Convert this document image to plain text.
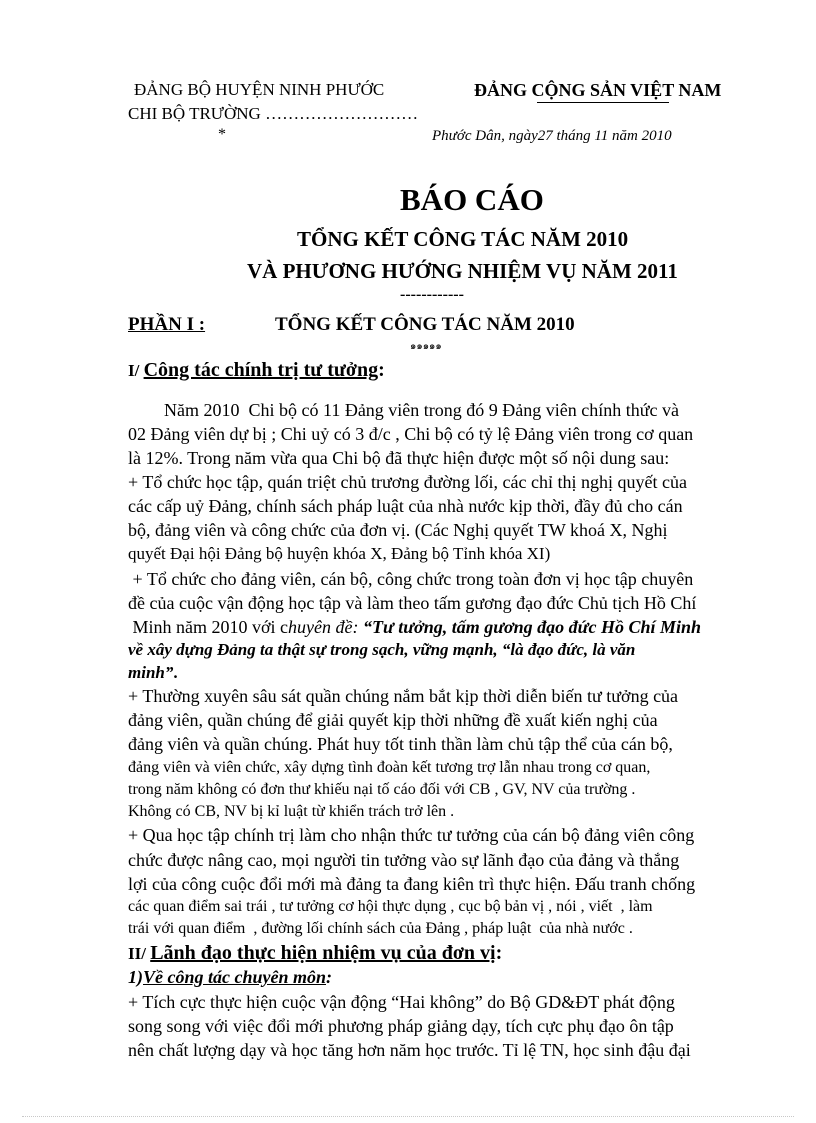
ĐẢNG BỘ HUYỆN NINH PHƯỚC	ĐẢNG CỘNG SẢN VIỆT NAM
CHI BỘ TRƯỜNG ………………………
*	Phước Dân, ngày27 tháng 11 năm 2010
BÁO CÁO
TỔNG KẾT CÔNG TÁC NĂM 2010
VÀ PHƯƠNG HƯỚNG NHIỆM VỤ NĂM 2011
------------
PHẦN I :	TỔNG KẾT CÔNG TÁC NĂM 2010
๑๑๑๑๑
I/ Công tác chính trị tư tưởng:
Năm 2010  Chi bộ có 11 Đảng viên trong đó 9 Đảng viên chính thức và
02 Đảng viên dự bị ; Chi uỷ có 3 đ/c , Chi bộ có tỷ lệ Đảng viên trong cơ quan
là 12%. Trong năm vừa qua Chi bộ đã thực hiện được một số nội dung sau:
+ Tổ chức học tập, quán triệt chủ trương đường lối, các chỉ thị nghị quyết của
các cấp uỷ Đảng, chính sách pháp luật của nhà nước kịp thời, đầy đủ cho cán
bộ, đảng viên và công chức của đơn vị. (Các Nghị quyết TW khoá X, Nghị
quyết Đại hội Đảng bộ huyện khóa X, Đảng bộ Tỉnh khóa XI)
+ Tổ chức cho đảng viên, cán bộ, công chức trong toàn đơn vị học tập chuyên
đề của cuộc vận động học tập và làm theo tấm gương đạo đức Chủ tịch Hồ Chí
Minh năm 2010 với chuyên đề: “Tư tưởng, tấm gương đạo đức Hồ Chí Minh
về xây dựng Đảng ta thật sự trong sạch, vững mạnh, “là đạo đức, là văn
minh”.
+ Thường xuyên sâu sát quần chúng nắm bắt kịp thời diễn biến tư tưởng của
đảng viên, quần chúng để giải quyết kịp thời những đề xuất kiến nghị của
đảng viên và quần chúng. Phát huy tốt tinh thần làm chủ tập thể của cán bộ,
đảng viên và viên chức, xây dựng tình đoàn kết tương trợ lẫn nhau trong cơ quan,
trong năm không có đơn thư khiếu nại tố cáo đối với CB , GV, NV của trường .
Không có CB, NV bị kỉ luật từ khiển trách trở lên .
+ Qua học tập chính trị làm cho nhận thức tư tưởng của cán bộ đảng viên công
chức được nâng cao, mọi người tin tưởng vào sự lãnh đạo của đảng và thắng
lợi của công cuộc đổi mới mà đảng ta đang kiên trì thực hiện. Đấu tranh chống
các quan điểm sai trái , tư tưởng cơ hội thực dụng , cục bộ bản vị , nói , viết  , làm
trái với quan điểm  , đường lối chính sách của Đảng , pháp luật  của nhà nước .
II/ Lãnh đạo thực hiện nhiệm vụ của đơn vị:
1)Về công tác chuyên môn:
+ Tích cực thực hiện cuộc vận động “Hai không” do Bộ GD&ĐT phát động
song song với việc đổi mới phương pháp giảng dạy, tích cực phụ đạo ôn tập
nên chất lượng dạy và học tăng hơn năm học trước. Tỉ lệ TN, học sinh đậu đại
